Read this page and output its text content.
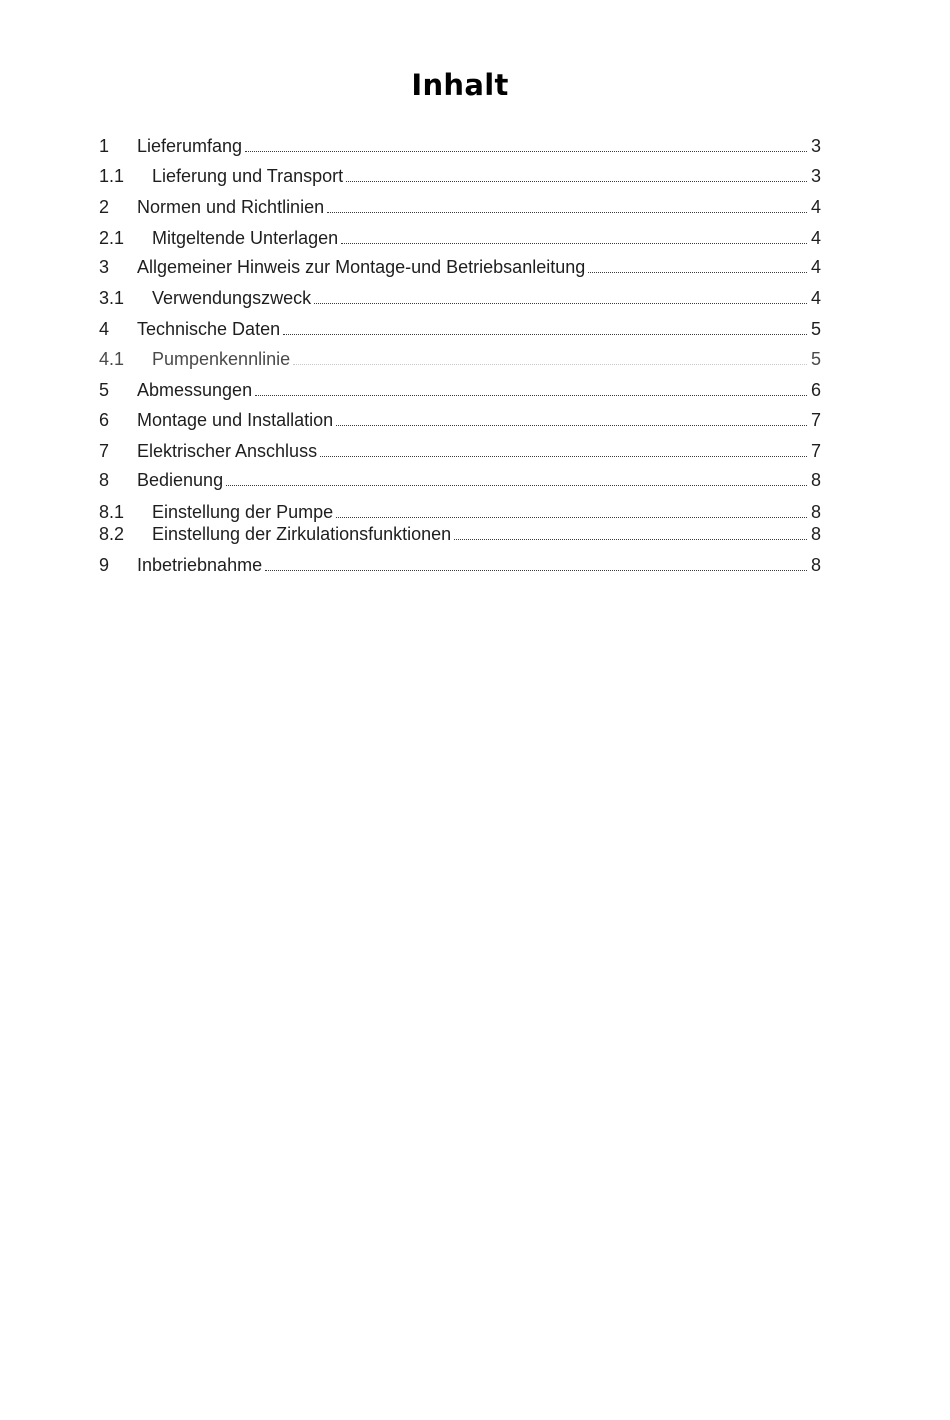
Inhalt
1	Lieferumfang	3
1.1	Lieferung und Transport	3
2	Normen und Richtlinien	4
2.1	Mitgeltende Unterlagen	4
3	Allgemeiner Hinweis zur Montage-und Betriebsanleitung	4
3.1	Verwendungszweck	4
4	Technische Daten	5
4.1	Pumpenkennlinie	5
5	Abmessungen	6
6	Montage und Installation	7
7	Elektrischer Anschluss	7
8	Bedienung	8
8.1	Einstellung der Pumpe	8
8.2	Einstellung der Zirkulationsfunktionen	8
9	Inbetriebnahme	8
